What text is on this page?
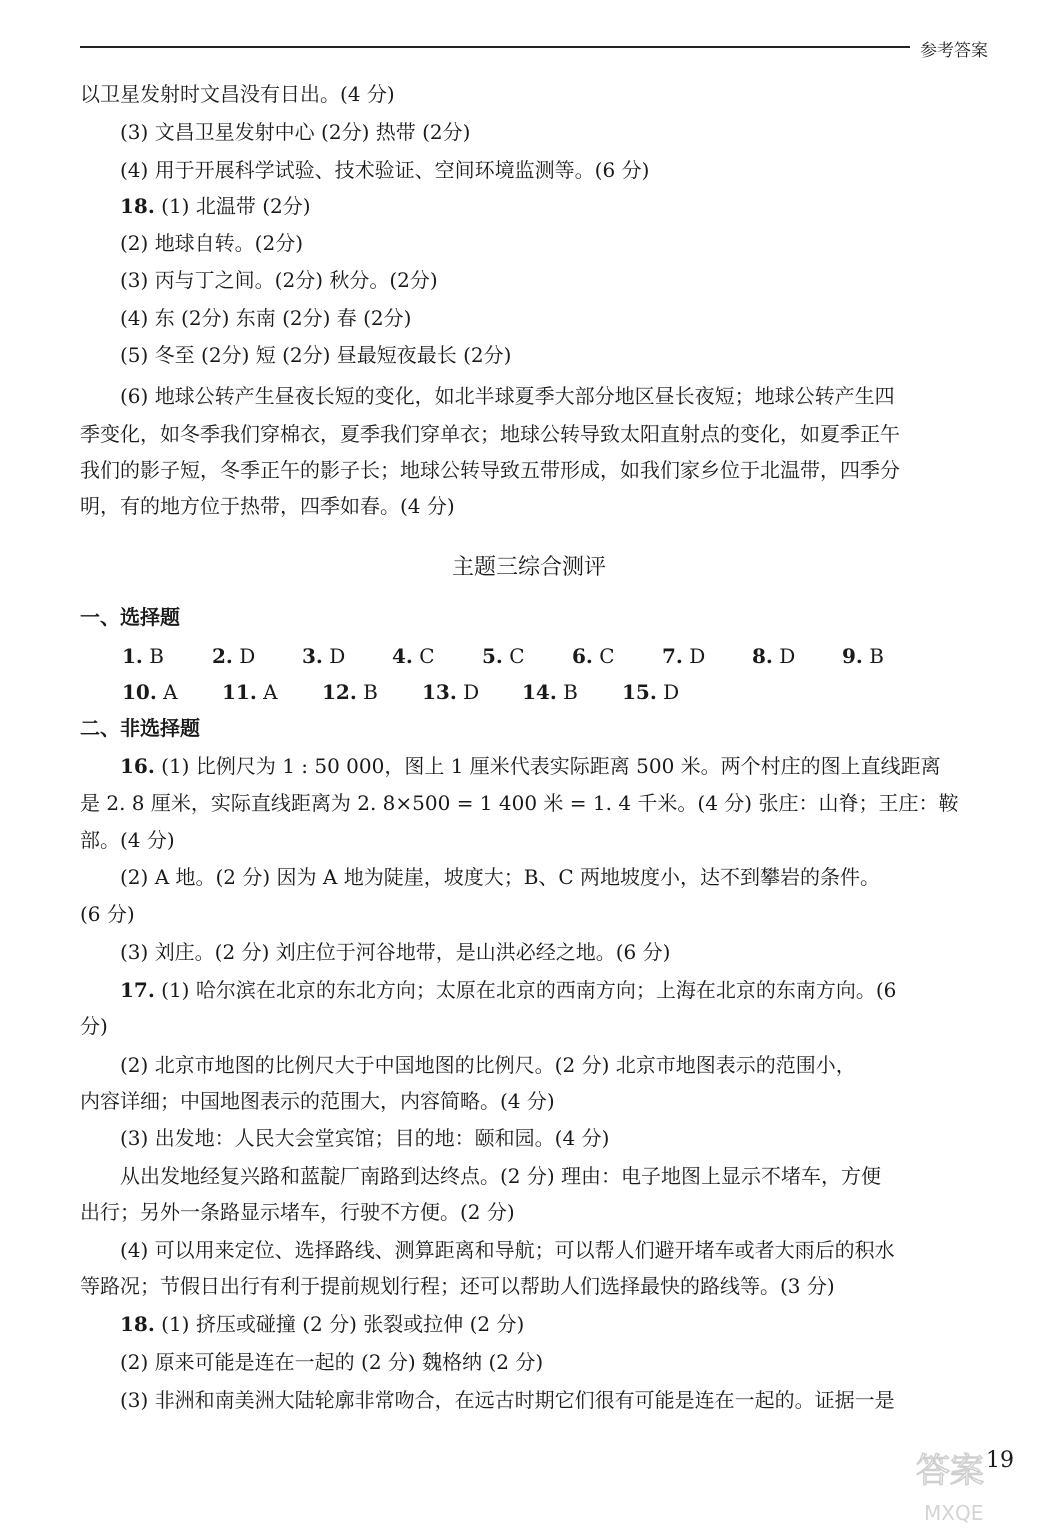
参考答案
以卫星发射时文昌没有日出。(4 分)
(3) 文昌卫星发射中心 (2分) 热带 (2分)
(4) 用于开展科学试验、技术验证、空间环境监测等。(6 分)
18. (1) 北温带 (2分)
(2) 地球自转。(2分)
(3) 丙与丁之间。(2分) 秋分。(2分)
(4) 东 (2分) 东南 (2分) 春 (2分)
(5) 冬至 (2分) 短 (2分) 昼最短夜最长 (2分)
(6) 地球公转产生昼夜长短的变化，如北半球夏季大部分地区昼长夜短；地球公转产生四
季变化，如冬季我们穿棉衣，夏季我们穿单衣；地球公转导致太阳直射点的变化，如夏季正午
我们的影子短，冬季正午的影子长；地球公转导致五带形成，如我们家乡位于北温带，四季分
明，有的地方位于热带，四季如春。(4 分)
主题三综合测评
一、选择题
1. B 2. D 3. D 4. C 5. C 6. C 7. D 8. D 9. B
10. A 11. A 12. B 13. D 14. B 15. D
二、非选择题
16. (1) 比例尺为 1 : 50 000，图上 1 厘米代表实际距离 500 米。两个村庄的图上直线距离
是 2. 8 厘米，实际直线距离为 2. 8×500 = 1 400 米 = 1. 4 千米。(4 分) 张庄：山脊；王庄：鞍
部。(4 分)
(2) A 地。(2 分) 因为 A 地为陡崖，坡度大；B、C 两地坡度小，达不到攀岩的条件。
(6 分)
(3) 刘庄。(2 分) 刘庄位于河谷地带，是山洪必经之地。(6 分)
17. (1) 哈尔滨在北京的东北方向；太原在北京的西南方向；上海在北京的东南方向。(6
分)
(2) 北京市地图的比例尺大于中国地图的比例尺。(2 分) 北京市地图表示的范围小，
内容详细；中国地图表示的范围大，内容简略。(4 分)
(3) 出发地：人民大会堂宾馆；目的地：颐和园。(4 分)
从出发地经复兴路和蓝靛厂南路到达终点。(2 分) 理由：电子地图上显示不堵车，方便
出行；另外一条路显示堵车，行驶不方便。(2 分)
(4) 可以用来定位、选择路线、测算距离和导航；可以帮人们避开堵车或者大雨后的积水
等路况；节假日出行有利于提前规划行程；还可以帮助人们选择最快的路线等。(3 分)
18. (1) 挤压或碰撞 (2 分) 张裂或拉伸 (2 分)
(2) 原来可能是连在一起的 (2 分) 魏格纳 (2 分)
(3) 非洲和南美洲大陆轮廓非常吻合，在远古时期它们很有可能是连在一起的。证据一是
答案
MXQE
19
